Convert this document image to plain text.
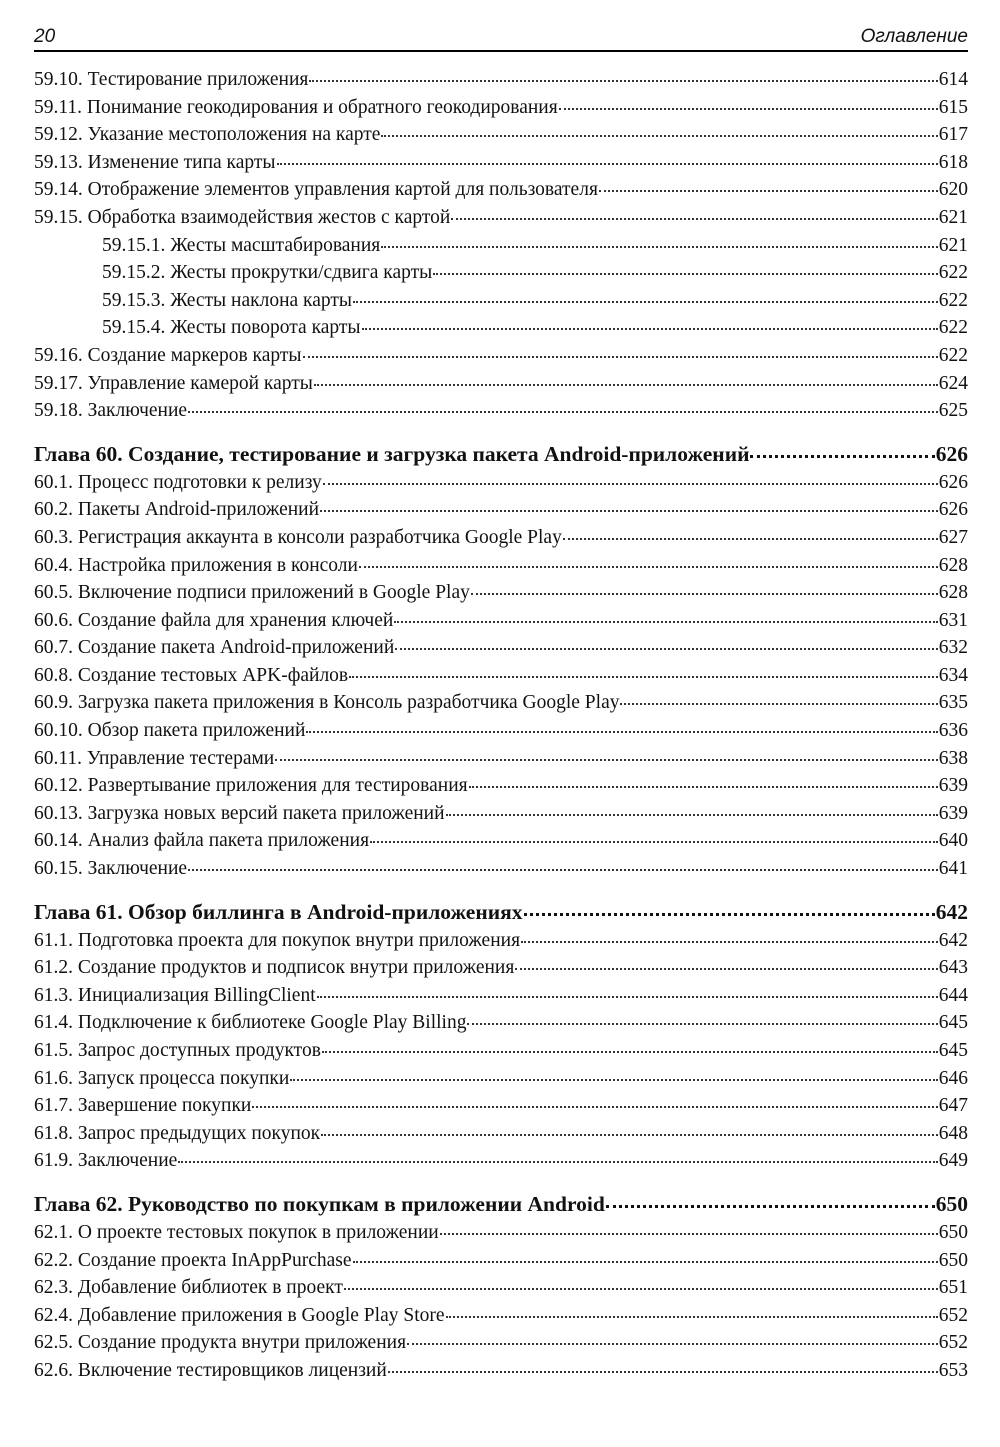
20	Оглавление
59.10. Тестирование приложения	614
59.11. Понимание геокодирования и обратного геокодирования	615
59.12. Указание местоположения на карте	617
59.13. Изменение типа карты	618
59.14. Отображение элементов управления картой для пользователя	620
59.15. Обработка взаимодействия жестов с картой	621
59.15.1. Жесты масштабирования	621
59.15.2. Жесты прокрутки/сдвига карты	622
59.15.3. Жесты наклона карты	622
59.15.4. Жесты поворота карты	622
59.16. Создание маркеров карты	622
59.17. Управление камерой карты	624
59.18. Заключение	625
Глава 60. Создание, тестирование и загрузка пакета Android-приложений	626
60.1. Процесс подготовки к релизу	626
60.2. Пакеты Android-приложений	626
60.3. Регистрация аккаунта в консоли разработчика Google Play	627
60.4. Настройка приложения в консоли	628
60.5. Включение подписи приложений в Google Play	628
60.6. Создание файла для хранения ключей	631
60.7. Создание пакета Android-приложений	632
60.8. Создание тестовых APK-файлов	634
60.9. Загрузка пакета приложения в Консоль разработчика Google Play	635
60.10. Обзор пакета приложений	636
60.11. Управление тестерами	638
60.12. Развертывание приложения для тестирования	639
60.13. Загрузка новых версий пакета приложений	639
60.14. Анализ файла пакета приложения	640
60.15. Заключение	641
Глава 61. Обзор биллинга в Android-приложениях	642
61.1. Подготовка проекта для покупок внутри приложения	642
61.2. Создание продуктов и подписок внутри приложения	643
61.3. Инициализация BillingClient	644
61.4. Подключение к библиотеке Google Play Billing	645
61.5. Запрос доступных продуктов	645
61.6. Запуск процесса покупки	646
61.7. Завершение покупки	647
61.8. Запрос предыдущих покупок	648
61.9. Заключение	649
Глава 62. Руководство по покупкам в приложении Android	650
62.1. О проекте тестовых покупок в приложении	650
62.2. Создание проекта InAppPurchase	650
62.3. Добавление библиотек в проект	651
62.4. Добавление приложения в Google Play Store	652
62.5. Создание продукта внутри приложения	652
62.6. Включение тестировщиков лицензий	653
